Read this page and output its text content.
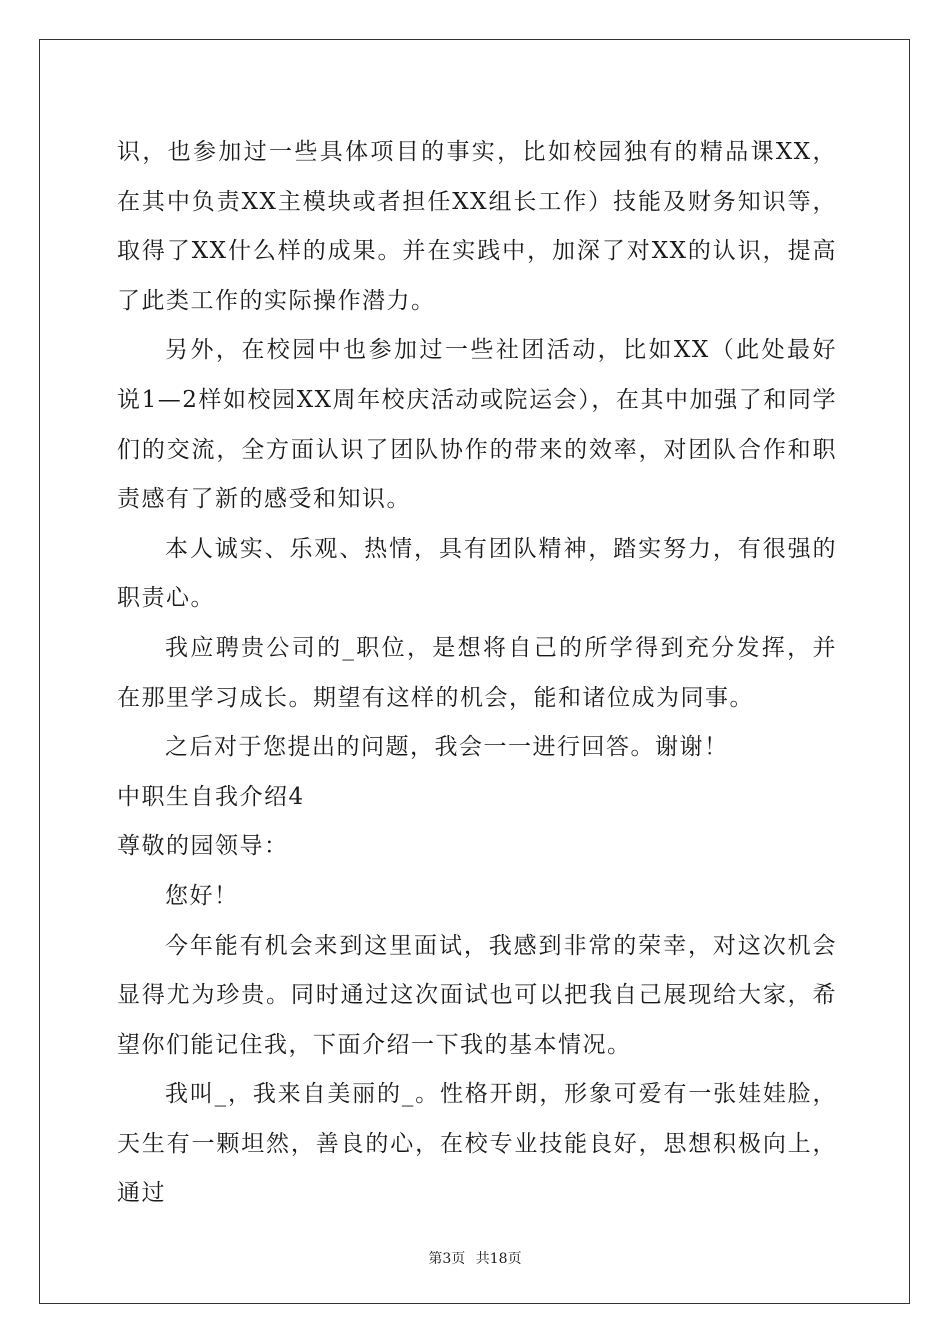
识，也参加过一些具体项目的事实，比如校园独有的精品课XX，在其中负责XX主模块或者担任XX组长工作）技能及财务知识等，取得了XX什么样的成果。并在实践中，加深了对XX的认识，提高了此类工作的实际操作潜力。

另外，在校园中也参加过一些社团活动，比如XX（此处最好说1—2样如校园XX周年校庆活动或院运会），在其中加强了和同学们的交流，全方面认识了团队协作的带来的效率，对团队合作和职责感有了新的感受和知识。

本人诚实、乐观、热情，具有团队精神，踏实努力，有很强的职责心。

我应聘贵公司的_职位，是想将自己的所学得到充分发挥，并在那里学习成长。期望有这样的机会，能和诸位成为同事。

之后对于您提出的问题，我会一一进行回答。谢谢！

中职生自我介绍4

尊敬的园领导：

您好！

今年能有机会来到这里面试，我感到非常的荣幸，对这次机会显得尤为珍贵。同时通过这次面试也可以把我自己展现给大家，希望你们能记住我，下面介绍一下我的基本情况。

我叫_，我来自美丽的_。性格开朗，形象可爱有一张娃娃脸，天生有一颗坦然，善良的心，在校专业技能良好，思想积极向上，通过

第3页 共18页
